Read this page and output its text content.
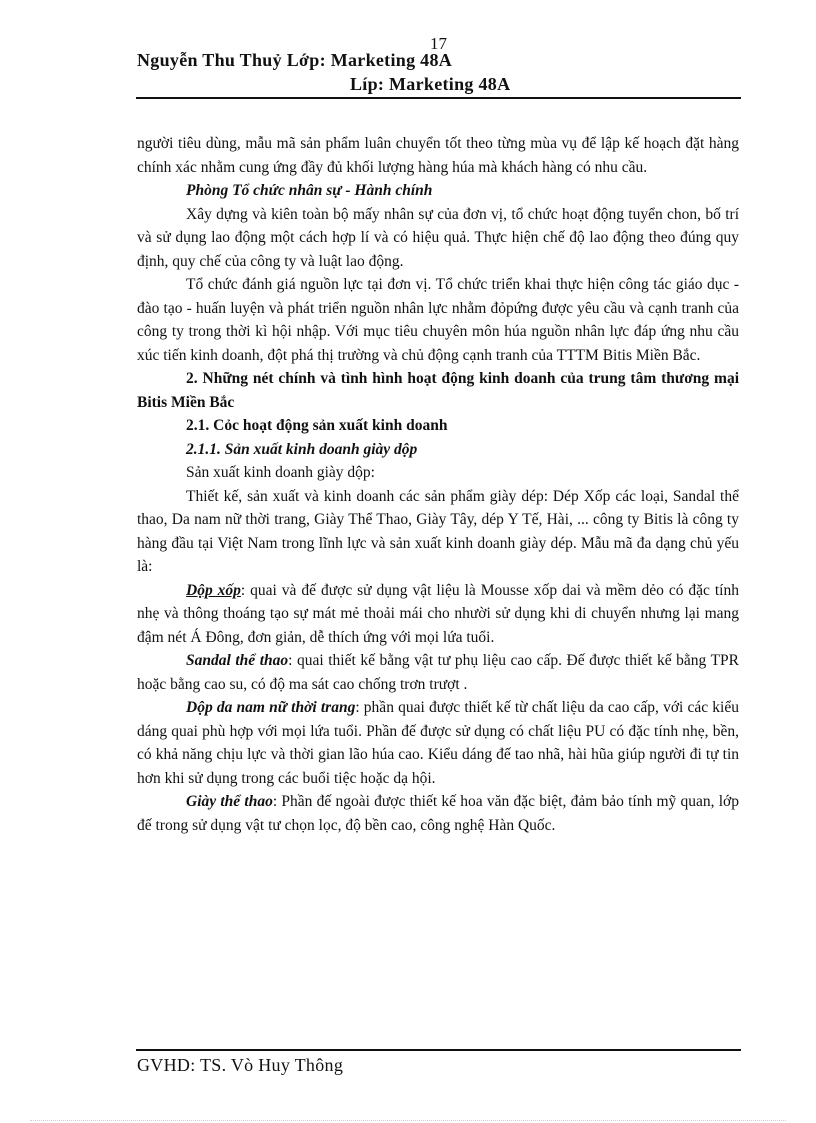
17
Nguyễn Thu Thuỷ Lớp: Marketing 48A
Líp: Marketing 48A

người tiêu dùng, mẫu mã sản phẩm luân chuyển tốt theo từng mùa vụ để lập kế hoạch đặt hàng chính xác nhằm cung ứng đầy đủ khối lượng hàng húa mà khách hàng có nhu cầu.

Phòng Tổ chức nhân sự - Hành chính

Xây dựng và kiên toàn bộ mấy nhân sự của đơn vị, tổ chức hoạt động tuyển chon, bố trí và sử dụng lao động một cách hợp lí và có hiệu quả. Thực hiện chế độ lao động theo đúng quy định, quy chế của công ty và luật lao động.

Tổ chức đánh giá nguồn lực tại đơn vị. Tổ chức triển khai thực hiện công tác giáo dục - đào tạo - huấn luyện và phát triển nguồn nhân lực nhằm đỏpứng được yêu cầu và cạnh tranh của công ty trong thời kì hội nhập. Với mục tiêu chuyên môn húa nguồn nhân lực đáp ứng nhu cầu xúc tiến kinh doanh, đột phá thị trường và chủ động cạnh tranh của TTTM Bitis Miền Bắc.

2. Những nét chính và tình hình hoạt động kinh doanh của trung tâm thương mại Bitis Miền Bắc

2.1. Cỏc hoạt động sản xuất kinh doanh

2.1.1. Sản xuất kinh doanh giày dộp

Sản xuất kinh doanh giày dộp:

Thiết kế, sản xuất và kinh doanh các sản phẩm giày dép: Dép Xốp các loại, Sandal thể thao, Da nam nữ thời trang, Giày Thể Thao, Giày Tây, dép Y Tế, Hài, ... công ty Bitis là công ty hàng đầu tại Việt Nam trong lĩnh lực và sản xuất kinh doanh giày dép. Mẫu mã đa dạng chủ yếu là:

Dộp xốp: quai và đế được sử dụng vật liệu là Mousse xốp dai và mềm dẻo có đặc tính nhẹ và thông thoáng tạo sự mát mẻ thoải mái cho nhười sử dụng khi di chuyển nhưng lại mang đậm nét Á Đông, đơn giản, dễ thích ứng với mọi lứa tuổi.

Sandal thể thao: quai thiết kế bằng vật tư phụ liệu cao cấp. Đế được thiết kế bằng TPR hoặc bằng cao su, có độ ma sát cao chống trơn trượt .

Dộp da nam nữ thời trang: phần quai được thiết kế từ chất liệu da cao cấp, với các kiểu dáng quai phù hợp với mọi lứa tuổi. Phần đế được sử dụng có chất liệu PU có đặc tính nhẹ, bền, có khả năng chịu lực và thời gian lão húa cao. Kiểu dáng đế tao nhã, hài hũa giúp người đi tự tin hơn khi sử dụng trong các buổi tiệc hoặc dạ hội.

Giày thể thao: Phần đế ngoài được thiết kế hoa văn đặc biệt, đảm bảo tính mỹ quan, lớp đế trong sử dụng vật tư chọn lọc, độ bền cao, công nghệ Hàn Quốc.

GVHD: TS. Vò Huy Thông
